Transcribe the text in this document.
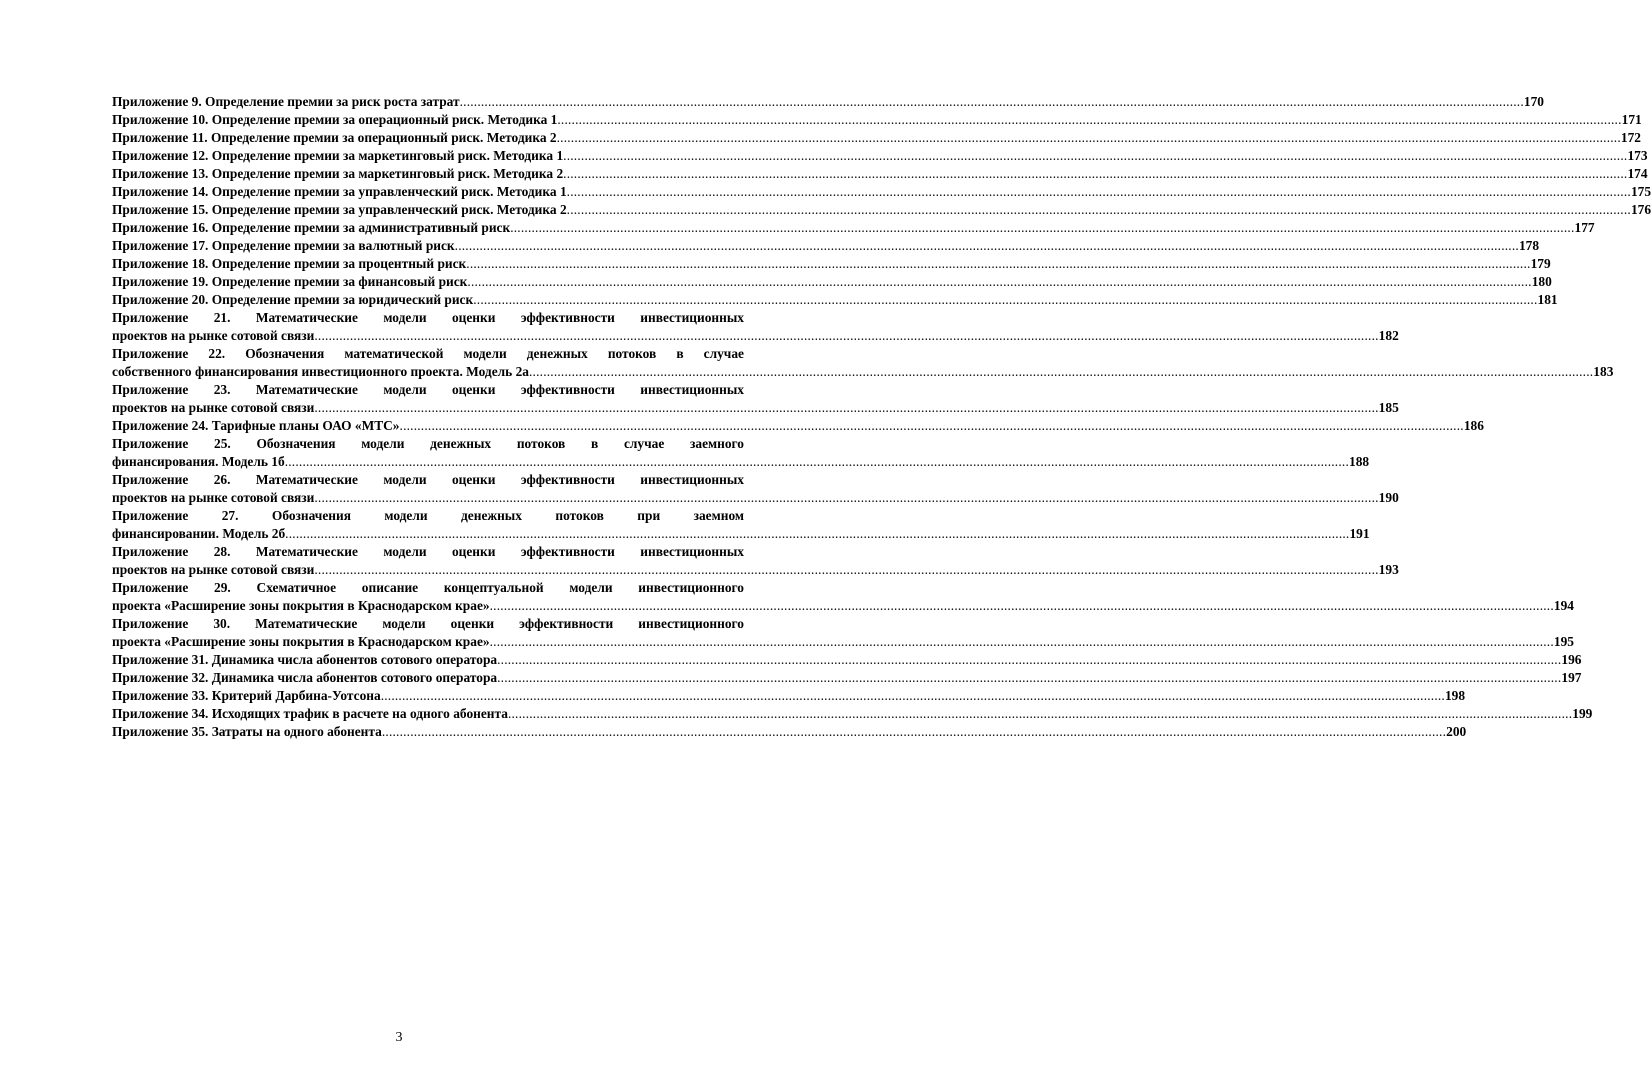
Приложение 9. Определение премии за риск роста затрат ............................................................................................................................................................................................................................................................................................................ 170
Приложение 10. Определение премии за операционный риск. Методика 1 ............................................................................................................................................................................................................................................................................................................ 171
Приложение 11. Определение премии за операционный риск. Методика 2 ............................................................................................................................................................................................................................................................................................................ 172
Приложение 12. Определение премии за маркетинговый риск. Методика 1 ............................................................................................................................................................................................................................................................................................................ 173
Приложение 13. Определение премии за маркетинговый риск. Методика 2 ............................................................................................................................................................................................................................................................................................................ 174
Приложение 14. Определение премии за управленческий риск. Методика 1 ............................................................................................................................................................................................................................................................................................................ 175
Приложение 15. Определение премии за управленческий риск. Методика 2 ............................................................................................................................................................................................................................................................................................................ 176
Приложение 16. Определение премии за административный риск ............................................................................................................................................................................................................................................................................................................ 177
Приложение 17. Определение премии за валютный риск ............................................................................................................................................................................................................................................................................................................ 178
Приложение 18. Определение премии за процентный риск ............................................................................................................................................................................................................................................................................................................ 179
Приложение 19. Определение премии за финансовый риск ............................................................................................................................................................................................................................................................................................................ 180
Приложение 20. Определение премии за юридический риск ............................................................................................................................................................................................................................................................................................................ 181
Приложение 21. Математические модели оценки эффективности инвестиционных
проектов на рынке сотовой связи ............................................................................................................................................................................................................................................................................................................ 182
Приложение 22. Обозначения математической модели денежных потоков в случае
собственного финансирования инвестиционного проекта. Модель 2а ............................................................................................................................................................................................................................................................................................................ 183
Приложение 23. Математические модели оценки эффективности инвестиционных
проектов на рынке сотовой связи ............................................................................................................................................................................................................................................................................................................ 185
Приложение 24. Тарифные планы ОАО «МТС» ............................................................................................................................................................................................................................................................................................................ 186
Приложение 25. Обозначения модели денежных потоков в случае заемного
финансирования. Модель 1б ............................................................................................................................................................................................................................................................................................................ 188
Приложение 26. Математические модели оценки эффективности инвестиционных
проектов на рынке сотовой связи ............................................................................................................................................................................................................................................................................................................ 190
Приложение 27. Обозначения модели денежных потоков при заемном
финансировании. Модель 2б ............................................................................................................................................................................................................................................................................................................ 191
Приложение 28. Математические модели оценки эффективности инвестиционных
проектов на рынке сотовой связи ............................................................................................................................................................................................................................................................................................................ 193
Приложение 29. Схематичное описание концептуальной модели инвестиционного
проекта «Расширение зоны покрытия в Краснодарском крае» ............................................................................................................................................................................................................................................................................................................ 194
Приложение 30. Математические модели оценки эффективности инвестиционного
проекта «Расширение зоны покрытия в Краснодарском крае» ............................................................................................................................................................................................................................................................................................................ 195
Приложение 31. Динамика числа абонентов сотового оператора ............................................................................................................................................................................................................................................................................................................ 196
Приложение 32. Динамика числа абонентов сотового оператора ............................................................................................................................................................................................................................................................................................................ 197
Приложение 33. Критерий Дарбина-Уотсона ............................................................................................................................................................................................................................................................................................................ 198
Приложение 34. Исходящих трафик в расчете на одного абонента ............................................................................................................................................................................................................................................................................................................ 199
Приложение 35. Затраты на одного абонента ............................................................................................................................................................................................................................................................................................................ 200
3
